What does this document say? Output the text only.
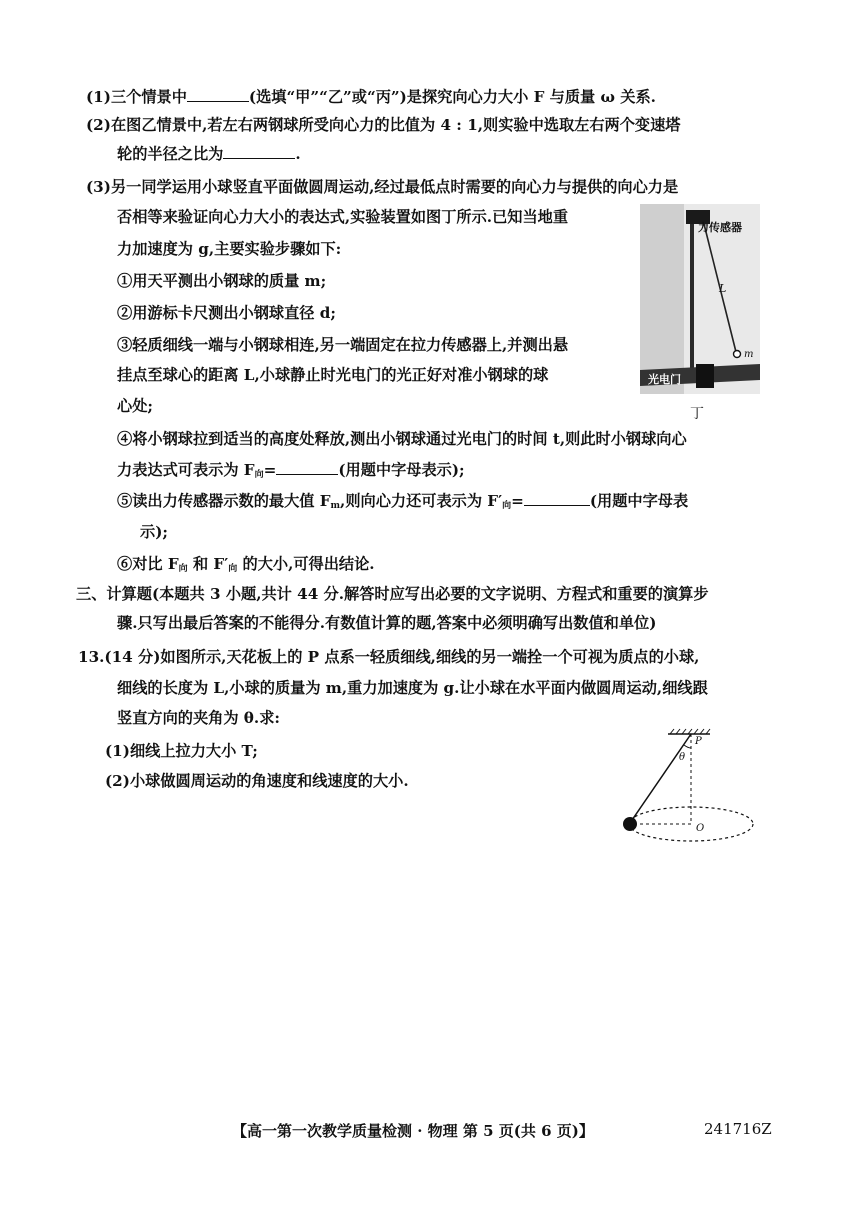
(1)三个情景中	(选填“甲”“乙”或“丙”)是探究向心力大小 F 与质量 ω 关系.
(2)在图乙情景中,若左右两钢球所受向心力的比值为 4 : 1,则实验中选取左右两个变速塔
轮的半径之比为	.
(3)另一同学运用小球竖直平面做圆周运动,经过最低点时需要的向心力与提供的向心力是
否相等来验证向心力大小的表达式,实验装置如图丁所示.已知当地重
力加速度为 g,主要实验步骤如下:
①用天平测出小钢球的质量 m;
②用游标卡尺测出小钢球直径 d;
③轻质细线一端与小钢球相连,另一端固定在拉力传感器上,并测出悬
挂点至球心的距离 L,小球静止时光电门的光正好对准小钢球的球
心处;
④将小钢球拉到适当的高度处释放,测出小钢球通过光电门的时间 t,则此时小钢球向心
力表达式可表示为 $F_向=$	(用题中字母表示);
⑤读出力传感器示数的最大值 $F_m$,则向心力还可表示为 $F'_向=$	(用题中字母表
示);
⑥对比 $F_向$ 和 $F'_向$ 的大小,可得出结论.
三、计算题(本题共 3 小题,共计 44 分.解答时应写出必要的文字说明、方程式和重要的演算步
骤.只写出最后答案的不能得分.有数值计算的题,答案中必须明确写出数值和单位)
13.(14 分)如图所示,天花板上的 P 点系一轻质细线,细线的另一端拴一个可视为质点的小球,
细线的长度为 L,小球的质量为 m,重力加速度为 g.让小球在水平面内做圆周运动,细线跟
竖直方向的夹角为 θ.求:
(1)细线上拉力大小 T;
(2)小球做圆周运动的角速度和线速度的大小.
力传感器
L
m
光电门
丁
P
θ
O
【高一第一次教学质量检测 · 物理 第 5 页(共 6 页)】	241716Z
